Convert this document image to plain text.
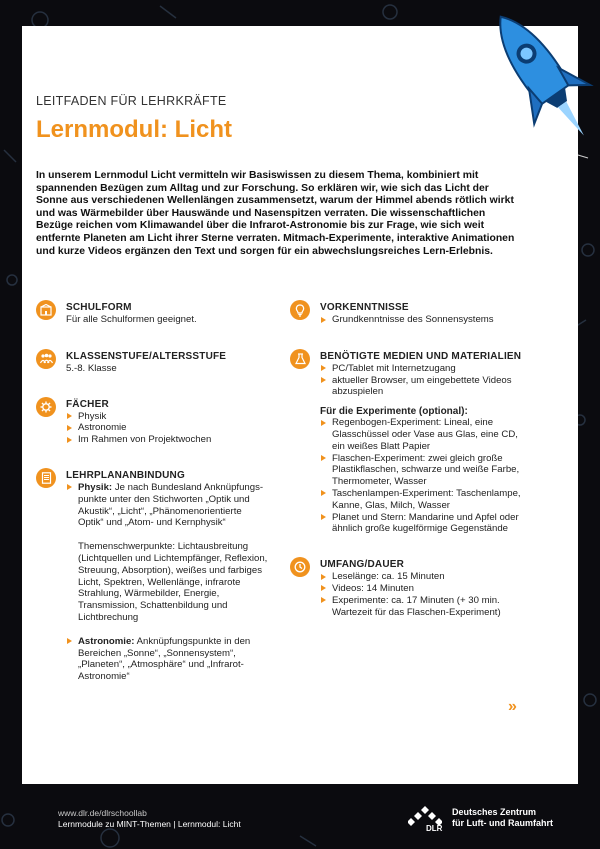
LEITFADEN FÜR LEHRKRÄFTE
Lernmodul: Licht
In unserem Lernmodul Licht vermitteln wir Basiswissen zu diesem Thema, kombiniert mit spannenden Bezügen zum Alltag und zur Forschung. So erklären wir, wie sich das Licht der Sonne aus verschiedenen Wellenlängen zusammensetzt, warum der Himmel abends rötlich wirkt und was Wärmebilder über Hauswände und Nasenspitzen verraten. Die wissenschaftlichen Bezüge reichen vom Klimawandel über die Infrarot-Astronomie bis zur Frage, wie sich weit entfernte Planeten am Licht ihrer Sterne verraten. Mitmach-Experimente, interaktive Animationen und kurze Videos ergänzen den Text und sorgen für ein abwechslungsreiches Lern-Erlebnis.
SCHULFORM
Für alle Schulformen geeignet.
KLASSENSTUFE/ALTERSSTUFE
5.-8. Klasse
FÄCHER
Physik
Astronomie
Im Rahmen von Projektwochen
LEHRPLANANBINDUNG
Physik: Je nach Bundesland Anknüpfungs-punkte unter den Stichworten „Optik und Akustik“, „Licht“, „Phänomenorientierte Optik“ und „Atom- und Kernphysik“
Themenschwerpunkte: Lichtausbreitung (Lichtquellen und Lichtempfänger, Reflexion, Streuung, Absorption), weißes und farbiges Licht, Spektren, Wellenlänge, infrarote Strahlung, Wärmebilder, Energie, Transmission, Schattenbildung und Lichtbrechung
Astronomie: Anknüpfungspunkte in den Bereichen „Sonne“, „Sonnensystem“, „Planeten“, „Atmosphäre“ und „Infrarot-Astronomie“
VORKENNTNISSE
Grundkenntnisse des Sonnensystems
BENÖTIGTE MEDIEN UND MATERIALIEN
PC/Tablet mit Internetzugang
aktueller Browser, um eingebettete Videos abzuspielen
Für die Experimente (optional):
Regenbogen-Experiment: Lineal, eine Glasschüssel oder Vase aus Glas, eine CD, ein weißes Blatt Papier
Flaschen-Experiment: zwei gleich große Plastikflaschen, schwarze und weiße Farbe, Thermometer, Wasser
Taschenlampen-Experiment: Taschenlampe, Kanne, Glas, Milch, Wasser
Planet und Stern: Mandarine und Apfel oder ähnlich große kugelförmige Gegenstände
UMFANG/DAUER
Leselänge: ca. 15 Minuten
Videos: 14 Minuten
Experimente: ca. 17 Minuten (+ 30 min. Wartezeit für das Flaschen-Experiment)
»
www.dlr.de/dlrschoollab
Lernmodule zu MINT-Themen | Lernmodul: Licht	DLR
Deutsches Zentrum
für Luft- und Raumfahrt
